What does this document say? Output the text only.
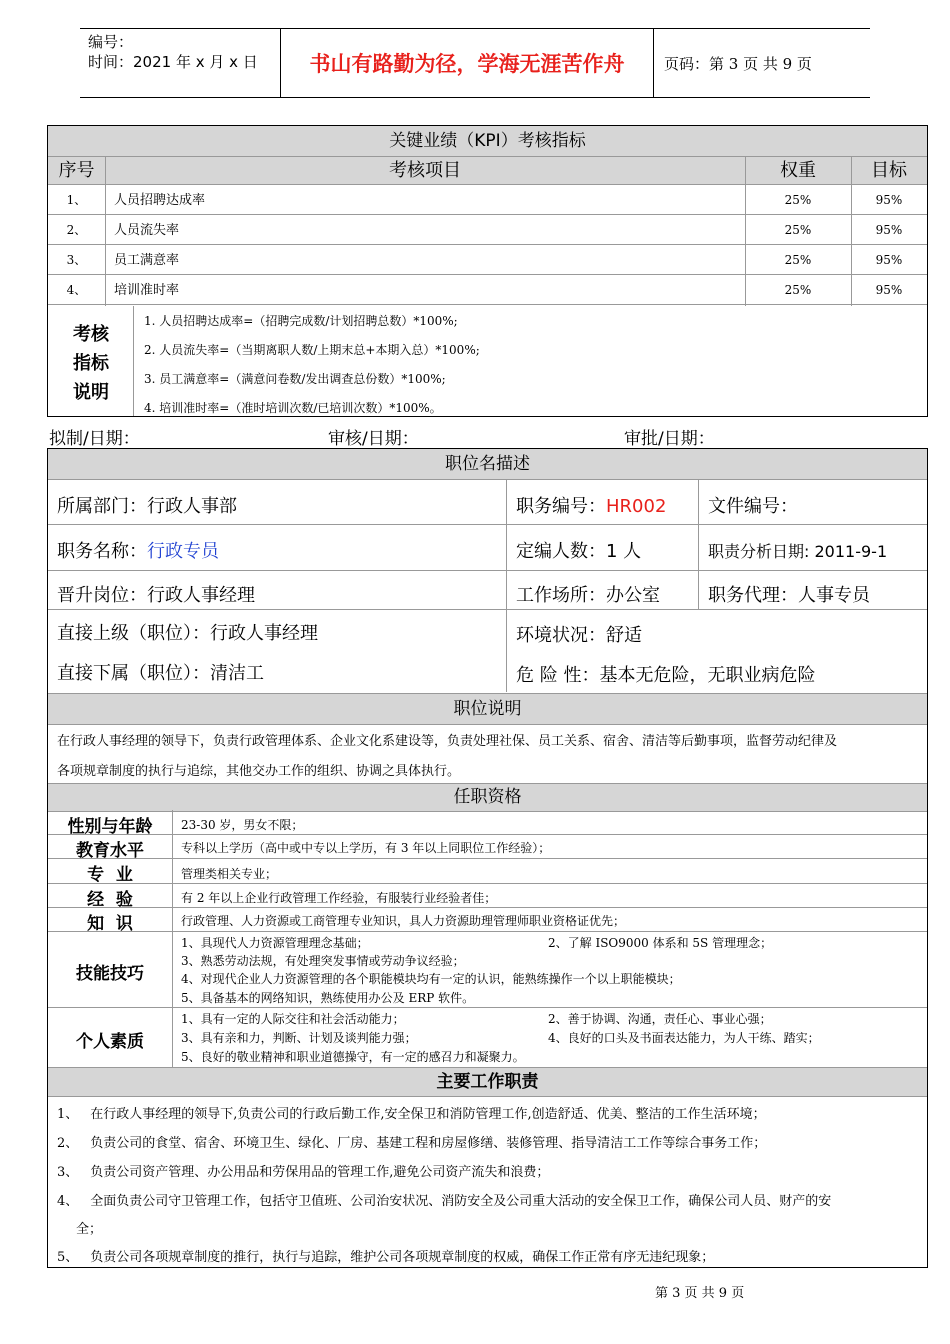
编号：
时间：2021 年 x 月 x 日	书山有路勤为径，学海无涯苦作舟	页码：第 3 页 共 9 页
关键业绩（KPI）考核指标
序号	考核项目	权重	目标
1、	人员招聘达成率	25%	95%
2、	人员流失率	25%	95%
3、	员工满意率	25%	95%
4、	培训准时率	25%	95%
考核
指标
说明
1. 人员招聘达成率=（招聘完成数/计划招聘总数）*100%;
2. 人员流失率=（当期离职人数/上期末总+本期入总）*100%;
3. 员工满意率=（满意问卷数/发出调查总份数）*100%;
4. 培训准时率=（准时培训次数/已培训次数）*100%。
拟制/日期：	审核/日期：	审批/日期：
职位名描述
所属部门：行政人事部	职务编号：HR002 文件编号：
职务名称：行政专员	定编人数：1 人	职责分析日期: 2011-9-1
晋升岗位：行政人事经理	工作场所：办公室	职务代理：人事专员
直接上级（职位）：行政人事经理	环境状况：舒适
直接下属（职位）：清洁工	危 险 性：基本无危险，无职业病危险
职位说明
在行政人事经理的领导下，负责行政管理体系、企业文化系建设等，负责处理社保、员工关系、宿舍、清洁等后勤事项，监督劳动纪律及
各项规章制度的执行与追综，其他交办工作的组织、协调之具体执行。
任职资格
性别与年龄	23-30 岁，男女不限；
教育水平	专科以上学历（高中或中专以上学历，有 3 年以上同职位工作经验）；
专  业	管理类相关专业；
经  验	有 2 年以上企业行政管理工作经验，有服装行业经验者佳；
知  识	行政管理、人力资源或工商管理专业知识，具人力资源助理管理师职业资格证优先；
技能技巧
1、具现代人力资源管理理念基础；	2、了解 ISO9000 体系和 5S 管理理念；
3、熟悉劳动法规，有处理突发事情或劳动争议经验；
4、对现代企业人力资源管理的各个职能模块均有一定的认识，能熟练操作一个以上职能模块；
5、具备基本的网络知识，熟练使用办公及 ERP 软件。
个人素质
1、具有一定的人际交往和社会活动能力；	2、善于协调、沟通，责任心、事业心强；
3、具有亲和力，判断、计划及谈判能力强；	4、良好的口头及书面表达能力，为人干练、踏实；
5、良好的敬业精神和职业道德操守，有一定的感召力和凝聚力。
主要工作职责
1、 在行政人事经理的领导下,负责公司的行政后勤工作,安全保卫和消防管理工作,创造舒适、优美、整洁的工作生活环境；
2、 负责公司的食堂、宿舍、环境卫生、绿化、厂房、基建工程和房屋修缮、装修管理、指导清洁工工作等综合事务工作；
3、 负责公司资产管理、办公用品和劳保用品的管理工作,避免公司资产流失和浪费；
4、 全面负责公司守卫管理工作，包括守卫值班、公司治安状况、消防安全及公司重大活动的安全保卫工作，确保公司人员、财产的安
全；
5、 负责公司各项规章制度的推行，执行与追踪，维护公司各项规章制度的权威，确保工作正常有序无违纪现象；
第 3 页 共 9 页
